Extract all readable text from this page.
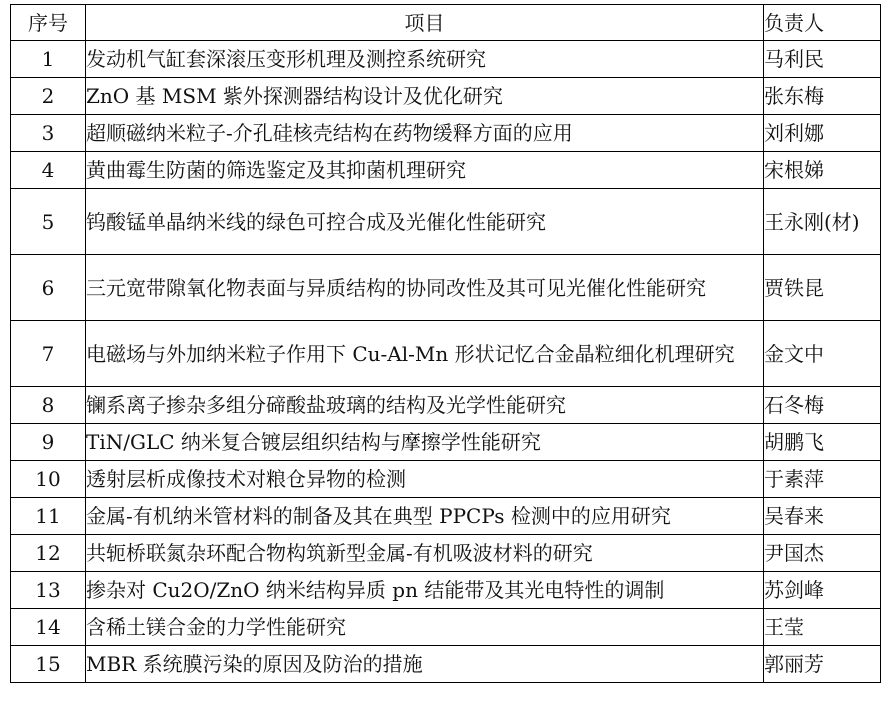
序号	项目	负责人
1	发动机气缸套深滚压变形机理及测控系统研究	马利民
2	ZnO 基 MSM 紫外探测器结构设计及优化研究	张东梅
3	超顺磁纳米粒子-介孔硅核壳结构在药物缓释方面的应用	刘利娜
4	黄曲霉生防菌的筛选鉴定及其抑菌机理研究	宋根娣
5	钨酸锰单晶纳米线的绿色可控合成及光催化性能研究	王永刚(材)
6	三元宽带隙氧化物表面与异质结构的协同改性及其可见光催化性能研究	贾铁昆
7	电磁场与外加纳米粒子作用下 Cu-Al-Mn 形状记忆合金晶粒细化机理研究	金文中
8	镧系离子掺杂多组分碲酸盐玻璃的结构及光学性能研究	石冬梅
9	TiN/GLC 纳米复合镀层组织结构与摩擦学性能研究	胡鹏飞
10	透射层析成像技术对粮仓异物的检测	于素萍
11	金属-有机纳米管材料的制备及其在典型 PPCPs 检测中的应用研究	吴春来
12	共轭桥联氮杂环配合物构筑新型金属-有机吸波材料的研究	尹国杰
13	掺杂对 Cu2O/ZnO 纳米结构异质 pn 结能带及其光电特性的调制	苏剑峰
14	含稀土镁合金的力学性能研究	王莹
15	MBR 系统膜污染的原因及防治的措施	郭丽芳
